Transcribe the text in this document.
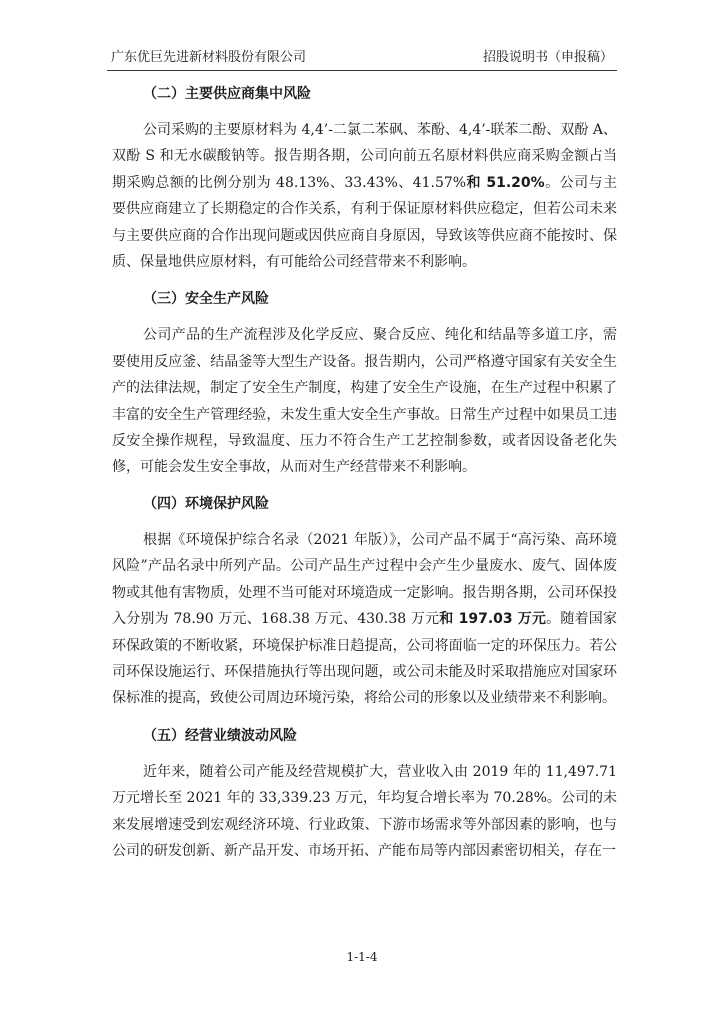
广东优巨先进新材料股份有限公司	招股说明书（申报稿）
（二）主要供应商集中风险

公司采购的主要原材料为 4,4’-二氯二苯砜、苯酚、4,4’-联苯二酚、双酚 A、双酚 S 和无水碳酸钠等。报告期各期，公司向前五名原材料供应商采购金额占当期采购总额的比例分别为 48.13%、33.43%、41.57%和 51.20%。公司与主要供应商建立了长期稳定的合作关系，有利于保证原材料供应稳定，但若公司未来与主要供应商的合作出现问题或因供应商自身原因，导致该等供应商不能按时、保质、保量地供应原材料，有可能给公司经营带来不利影响。

（三）安全生产风险

公司产品的生产流程涉及化学反应、聚合反应、纯化和结晶等多道工序，需要使用反应釜、结晶釜等大型生产设备。报告期内，公司严格遵守国家有关安全生产的法律法规，制定了安全生产制度，构建了安全生产设施，在生产过程中积累了丰富的安全生产管理经验，未发生重大安全生产事故。日常生产过程中如果员工违反安全操作规程，导致温度、压力不符合生产工艺控制参数，或者因设备老化失修，可能会发生安全事故，从而对生产经营带来不利影响。

（四）环境保护风险

根据《环境保护综合名录（2021 年版）》，公司产品不属于“高污染、高环境风险”产品名录中所列产品。公司产品生产过程中会产生少量废水、废气、固体废物或其他有害物质，处理不当可能对环境造成一定影响。报告期各期，公司环保投入分别为 78.90 万元、168.38 万元、430.38 万元和 197.03 万元。随着国家环保政策的不断收紧，环境保护标准日趋提高，公司将面临一定的环保压力。若公司环保设施运行、环保措施执行等出现问题，或公司未能及时采取措施应对国家环保标准的提高，致使公司周边环境污染，将给公司的形象以及业绩带来不利影响。

（五）经营业绩波动风险

近年来，随着公司产能及经营规模扩大，营业收入由 2019 年的 11,497.71 万元增长至 2021 年的 33,339.23 万元，年均复合增长率为 70.28%。公司的未来发展增速受到宏观经济环境、行业政策、下游市场需求等外部因素的影响，也与公司的研发创新、新产品开发、市场开拓、产能布局等内部因素密切相关，存在一

1-1-4
